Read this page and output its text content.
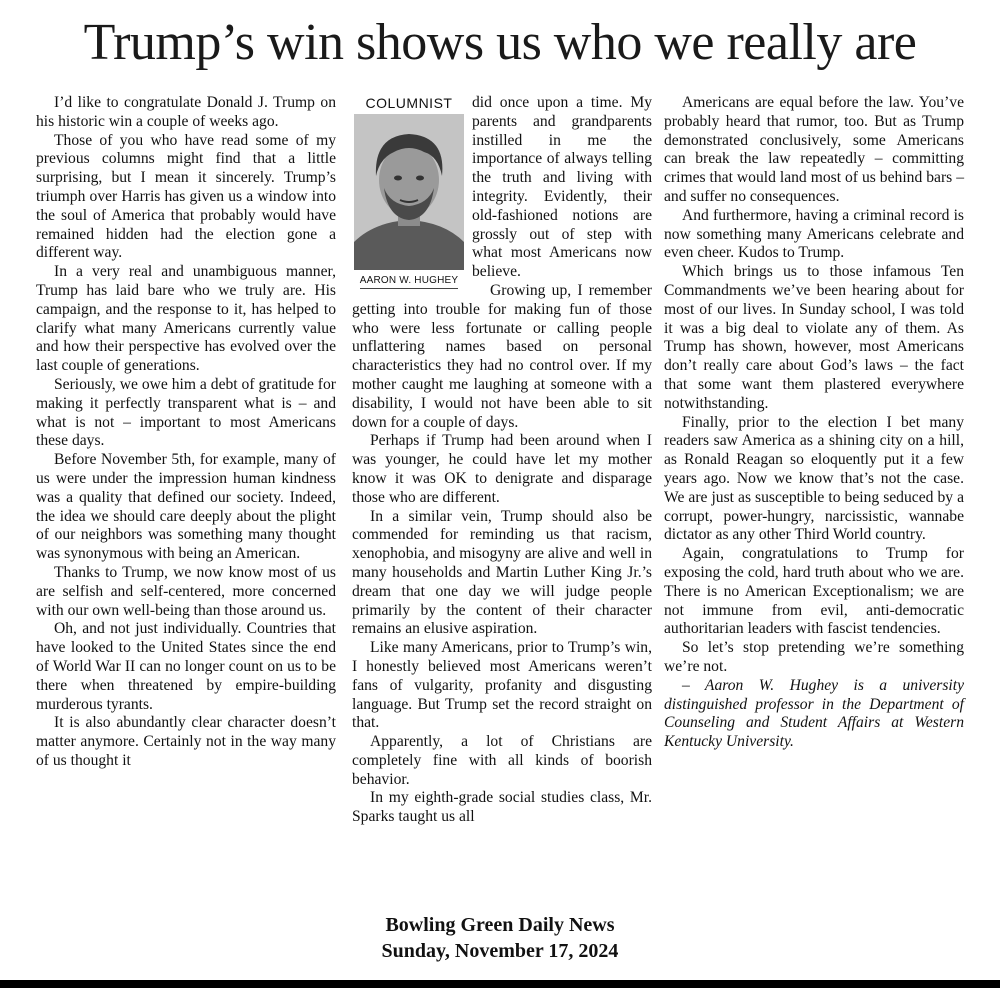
Trump’s win shows us who we really are

I’d like to congratulate Donald J. Trump on his historic win a couple of weeks ago.

Those of you who have read some of my previous columns might find that a little surprising, but I mean it sincerely. Trump’s triumph over Harris has given us a window into the soul of America that probably would have remained hidden had the election gone a different way.

In a very real and unambiguous manner, Trump has laid bare who we truly are. His campaign, and the response to it, has helped to clarify what many Americans currently value and how their perspective has evolved over the last couple of generations.

Seriously, we owe him a debt of gratitude for making it perfectly transparent what is – and what is not – important to most Americans these days.

Before November 5th, for example, many of us were under the impression human kindness was a quality that defined our society. Indeed, the idea we should care deeply about the plight of our neighbors was something many thought was synonymous with being an American.

Thanks to Trump, we now know most of us are selfish and self-centered, more concerned with our own well-being than those around us.

Oh, and not just individually. Countries that have looked to the United States since the end of World War II can no longer count on us to be there when threatened by empire-building murderous tyrants.

It is also abundantly clear character doesn’t matter anymore. Certainly not in the way many of us thought it

COLUMNIST
AARON W. HUGHEY

did once upon a time. My parents and grandparents instilled in me the importance of always telling the truth and living with integrity. Evidently, their old-fashioned notions are grossly out of step with what most Americans now believe.

Growing up, I remember getting into trouble for making fun of those who were less fortunate or calling people unflattering names based on personal characteristics they had no control over. If my mother caught me laughing at someone with a disability, I would not have been able to sit down for a couple of days.

Perhaps if Trump had been around when I was younger, he could have let my mother know it was OK to denigrate and disparage those who are different.

In a similar vein, Trump should also be commended for reminding us that racism, xenophobia, and misogyny are alive and well in many households and Martin Luther King Jr.’s dream that one day we will judge people primarily by the content of their character remains an elusive aspiration.

Like many Americans, prior to Trump’s win, I honestly believed most Americans weren’t fans of vulgarity, profanity and disgusting language. But Trump set the record straight on that.

Apparently, a lot of Christians are completely fine with all kinds of boorish behavior.

In my eighth-grade social studies class, Mr. Sparks taught us all

Americans are equal before the law. You’ve probably heard that rumor, too. But as Trump demonstrated conclusively, some Americans can break the law repeatedly – committing crimes that would land most of us behind bars – and suffer no consequences.

And furthermore, having a criminal record is now something many Americans celebrate and even cheer. Kudos to Trump.

Which brings us to those infamous Ten Commandments we’ve been hearing about for most of our lives. In Sunday school, I was told it was a big deal to violate any of them. As Trump has shown, however, most Americans don’t really care about God’s laws – the fact that some want them plastered everywhere notwithstanding.

Finally, prior to the election I bet many readers saw America as a shining city on a hill, as Ronald Reagan so eloquently put it a few years ago. Now we know that’s not the case. We are just as susceptible to being seduced by a corrupt, power-hungry, narcissistic, wannabe dictator as any other Third World country.

Again, congratulations to Trump for exposing the cold, hard truth about who we are. There is no American Exceptionalism; we are not immune from evil, anti-democratic authoritarian leaders with fascist tendencies.

So let’s stop pretending we’re something we’re not.

– Aaron W. Hughey is a university distinguished professor in the Department of Counseling and Student Affairs at Western Kentucky University.

Bowling Green Daily News
Sunday, November 17, 2024
